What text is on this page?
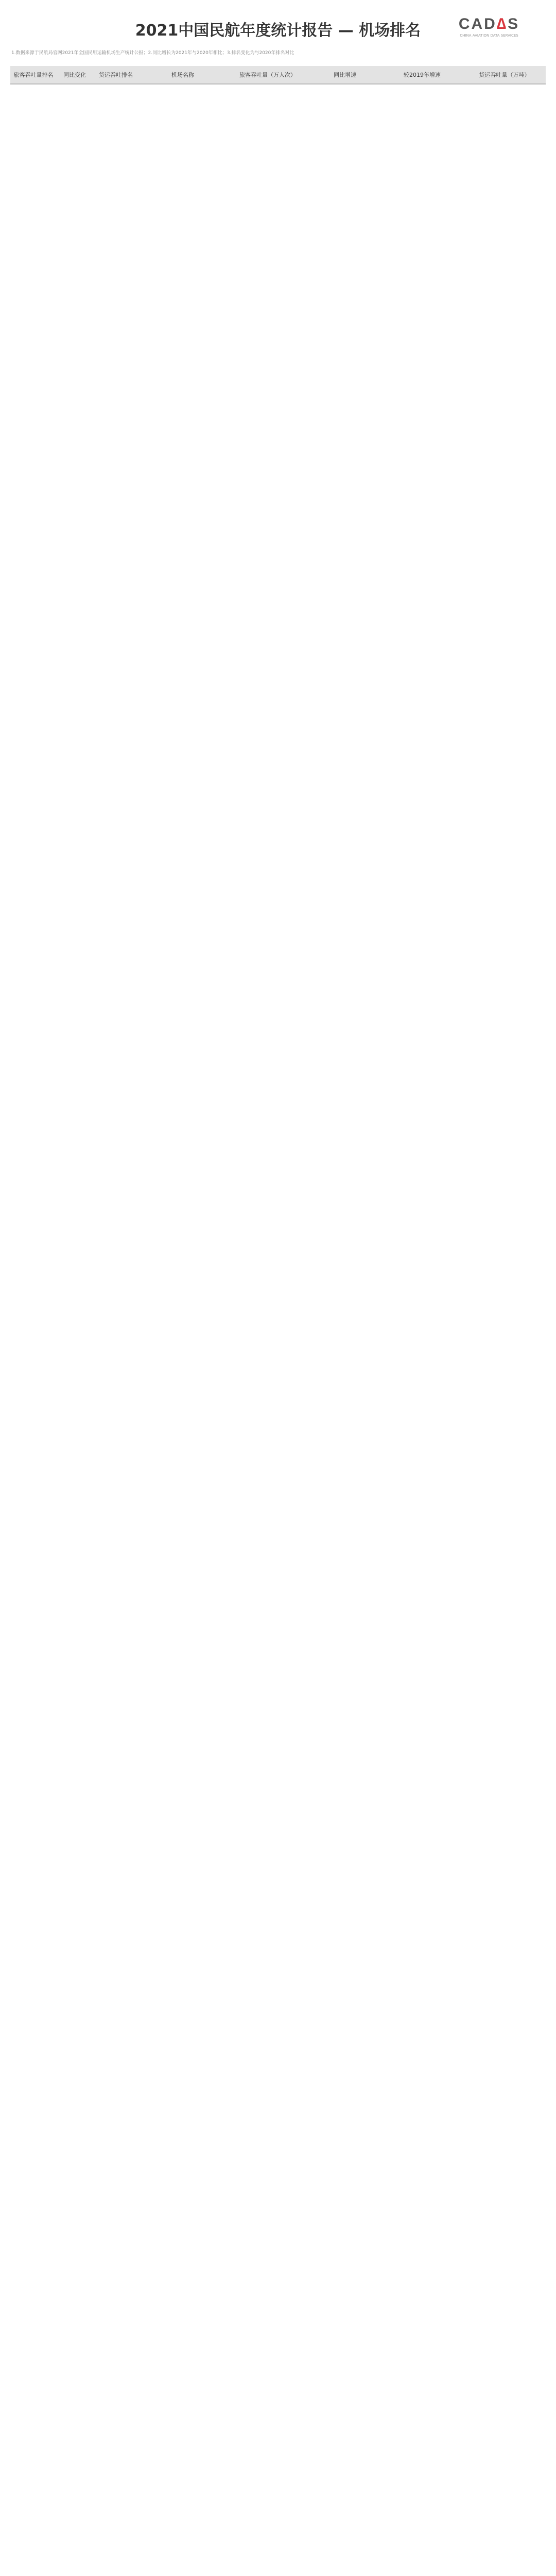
2021中国民航年度统计报告 — 机场排名	CAD∆S
CHINA AVIATION DATA SERVICES
1.数据来源于民航局官网2021年全国民用运输机场生产统计公报；2.同比增长为2021年与2020年相比；3.排名变化为与2020年排名对比
旅客吞吐量排名	同比变化	货运吞吐排名	机场名称	旅客吞吐量（万人次）	同比增速	较2019年增速	货运吞吐量（万吨）
